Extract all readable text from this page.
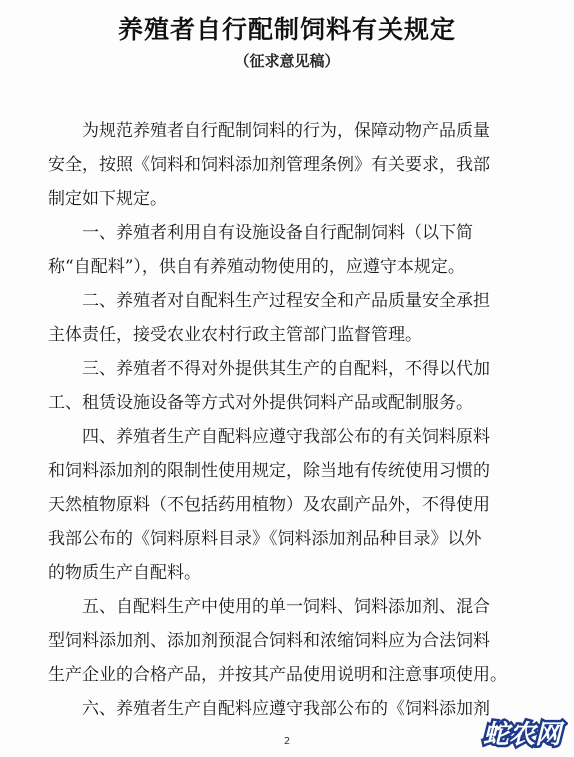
养殖者自行配制饲料有关规定
（征求意见稿）

为规范养殖者自行配制饲料的行为，保障动物产品质量
安全，按照《饲料和饲料添加剂管理条例》有关要求，我部
制定如下规定。

一、养殖者利用自有设施设备自行配制饲料（以下简
称“自配料”），供自有养殖动物使用的，应遵守本规定。

二、养殖者对自配料生产过程安全和产品质量安全承担
主体责任，接受农业农村行政主管部门监督管理。

三、养殖者不得对外提供其生产的自配料，不得以代加
工、租赁设施设备等方式对外提供饲料产品或配制服务。

四、养殖者生产自配料应遵守我部公布的有关饲料原料
和饲料添加剂的限制性使用规定，除当地有传统使用习惯的
天然植物原料（不包括药用植物）及农副产品外，不得使用
我部公布的《饲料原料目录》《饲料添加剂品种目录》以外
的物质生产自配料。

五、自配料生产中使用的单一饲料、饲料添加剂、混合
型饲料添加剂、添加剂预混合饲料和浓缩饲料应为合法饲料
生产企业的合格产品，并按其产品使用说明和注意事项使用。

六、养殖者生产自配料应遵守我部公布的《饲料添加剂

2	蛇农网
